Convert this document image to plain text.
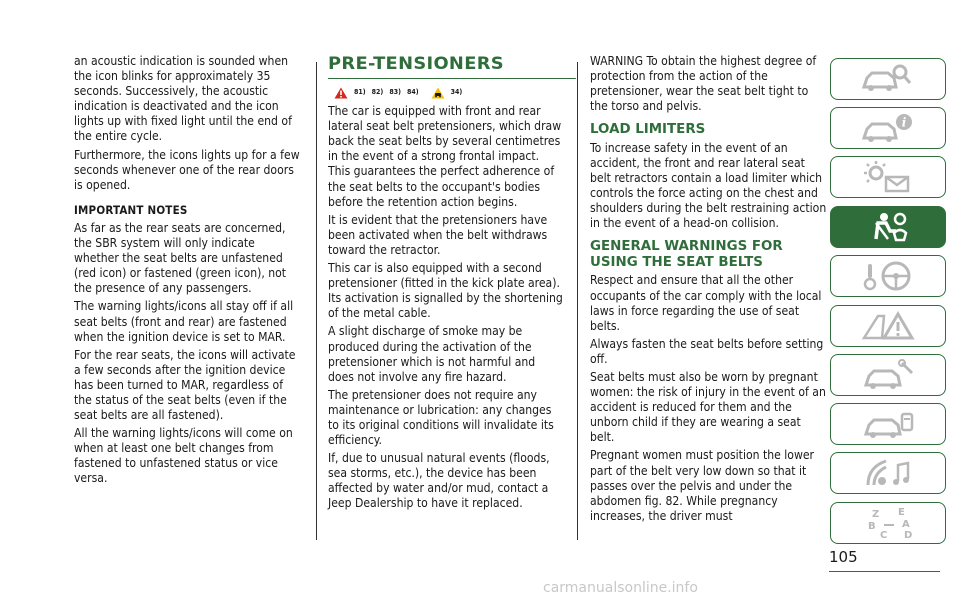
an acoustic indication is sounded when the icon blinks for approximately 35 seconds. Successively, the acoustic indication is deactivated and the icon lights up with fixed light until the end of the entire cycle.

Furthermore, the icons lights up for a few seconds whenever one of the rear doors is opened.

IMPORTANT NOTES

As far as the rear seats are concerned, the SBR system will only indicate whether the seat belts are unfastened (red icon) or fastened (green icon), not the presence of any passengers.

The warning lights/icons all stay off if all seat belts (front and rear) are fastened when the ignition device is set to MAR.

For the rear seats, the icons will activate a few seconds after the ignition device has been turned to MAR, regardless of the status of the seat belts (even if the seat belts are all fastened).

All the warning lights/icons will come on when at least one belt changes from fastened to unfastened status or vice versa.

PRE-TENSIONERS
81) 82) 83) 84)	34)

The car is equipped with front and rear lateral seat belt pretensioners, which draw back the seat belts by several centimetres in the event of a strong frontal impact. This guarantees the perfect adherence of the seat belts to the occupant's bodies before the retention action begins.

It is evident that the pretensioners have been activated when the belt withdraws toward the retractor.

This car is also equipped with a second pretensioner (fitted in the kick plate area). Its activation is signalled by the shortening of the metal cable.

A slight discharge of smoke may be produced during the activation of the pretensioner which is not harmful and does not involve any fire hazard.

The pretensioner does not require any maintenance or lubrication: any changes to its original conditions will invalidate its efficiency.

If, due to unusual natural events (floods, sea storms, etc.), the device has been affected by water and/or mud, contact a Jeep Dealership to have it replaced.

WARNING To obtain the highest degree of protection from the action of the pretensioner, wear the seat belt tight to the torso and pelvis.

LOAD LIMITERS

To increase safety in the event of an accident, the front and rear lateral seat belt retractors contain a load limiter which controls the force acting on the chest and shoulders during the belt restraining action in the event of a head-on collision.

GENERAL WARNINGS FOR USING THE SEAT BELTS

Respect and ensure that all the other occupants of the car comply with the local laws in force regarding the use of seat belts.

Always fasten the seat belts before setting off.

Seat belts must also be worn by pregnant women: the risk of injury in the event of an accident is reduced for them and the unborn child if they are wearing a seat belt.

Pregnant women must position the lower part of the belt very low down so that it passes over the pelvis and under the abdomen fig. 82. While pregnancy increases, the driver must

i
Z E
B	A
C D
105
carmanualsonline.info
